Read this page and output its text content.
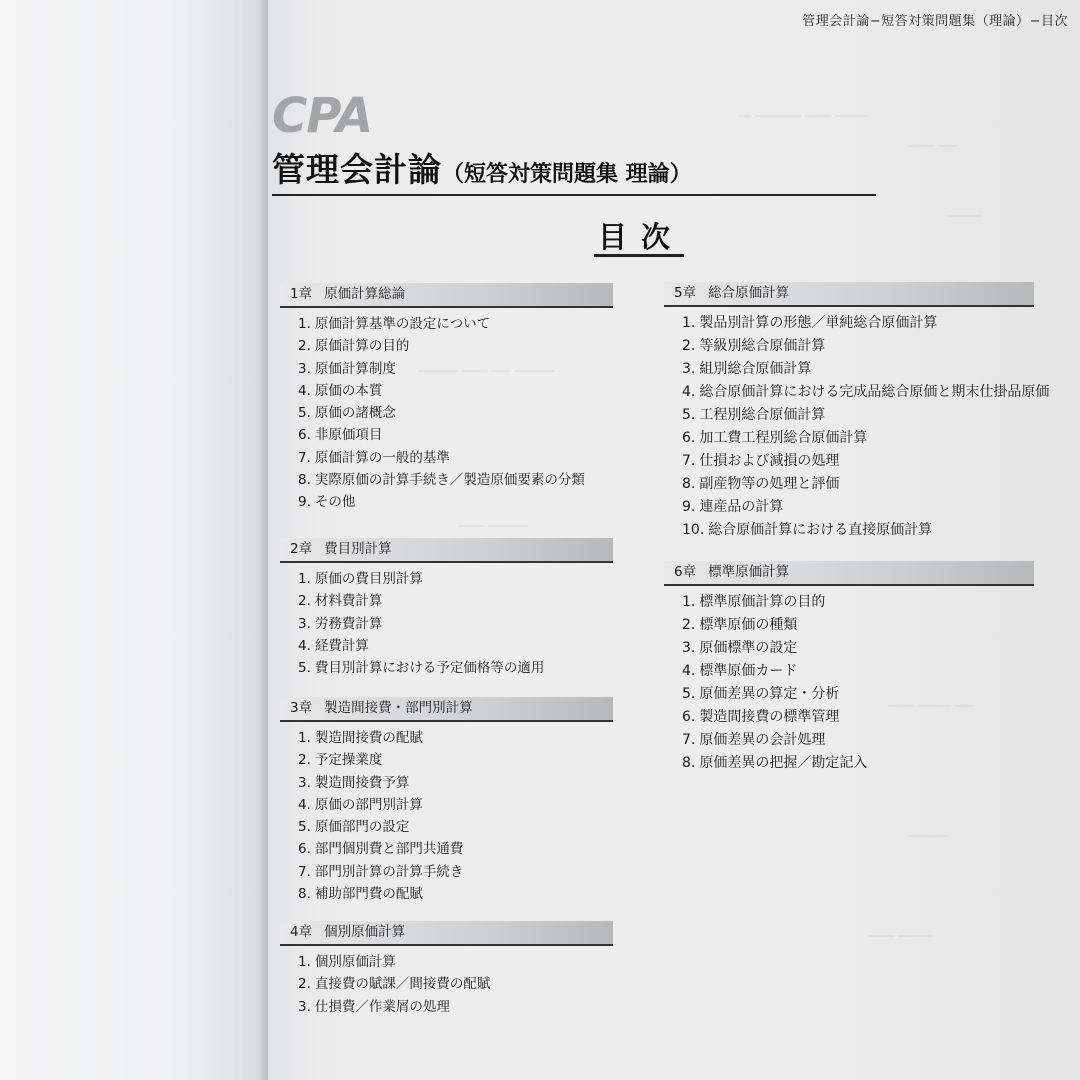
── ─────── ──── ─────
──── ───
─────
────── ──── ─── ──────
──── ──────
──── ───── ───
──────
──── ─────
管理会計論−短答対策問題集（理論）−目次
CPA
管理会計論（短答対策問題集 理論）
目次
1章 原価計算総論
1. 原価計算基準の設定について
2. 原価計算の目的
3. 原価計算制度
4. 原価の本質
5. 原価の諸概念
6. 非原価項目
7. 原価計算の一般的基準
8. 実際原価の計算手続き／製造原価要素の分類
9. その他
2章 費目別計算
1. 原価の費目別計算
2. 材料費計算
3. 労務費計算
4. 経費計算
5. 費目別計算における予定価格等の適用
3章 製造間接費・部門別計算
1. 製造間接費の配賦
2. 予定操業度
3. 製造間接費予算
4. 原価の部門別計算
5. 原価部門の設定
6. 部門個別費と部門共通費
7. 部門別計算の計算手続き
8. 補助部門費の配賦
4章 個別原価計算
1. 個別原価計算
2. 直接費の賦課／間接費の配賦
3. 仕損費／作業屑の処理
5章 総合原価計算
1. 製品別計算の形態／単純総合原価計算
2. 等級別総合原価計算
3. 組別総合原価計算
4. 総合原価計算における完成品総合原価と期末仕掛品原価
5. 工程別総合原価計算
6. 加工費工程別総合原価計算
7. 仕損および減損の処理
8. 副産物等の処理と評価
9. 連産品の計算
10. 総合原価計算における直接原価計算
6章 標準原価計算
1. 標準原価計算の目的
2. 標準原価の種類
3. 原価標準の設定
4. 標準原価カード
5. 原価差異の算定・分析
6. 製造間接費の標準管理
7. 原価差異の会計処理
8. 原価差異の把握／勘定記入
